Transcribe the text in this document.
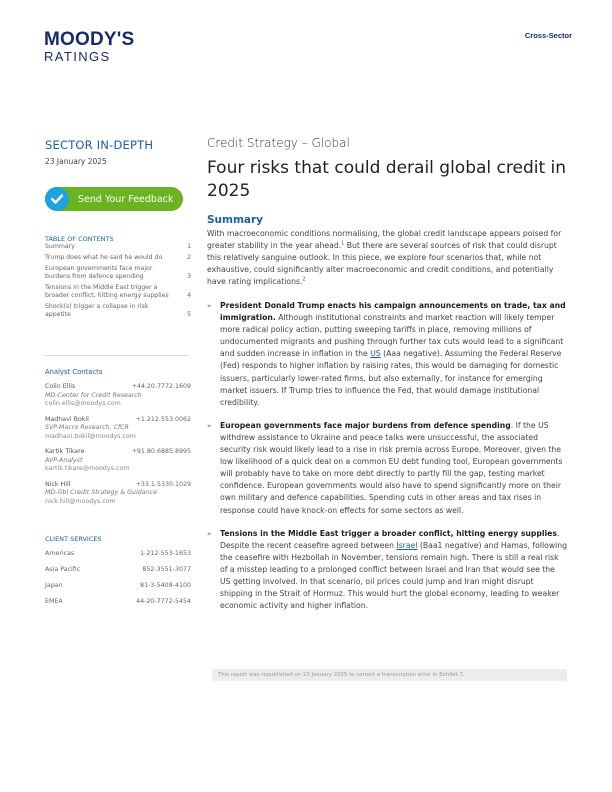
MOODY'S
RATINGS
Cross-Sector
SECTOR IN-DEPTH
23 January 2025
Send Your Feedback
TABLE OF CONTENTS
Summary	1
Trump does what he said he would do	2
European governments face major burdens from defence spending	3
Tensions in the Middle East trigger a broader conflict, hitting energy supplies	4
Shock(s) trigger a collapse in risk appetite	5
Analyst Contacts
Colin Ellis	+44.20.7772.1609
MD-Center for Credit Research
colin.ellis@moodys.com
Madhavi Bokil	+1.212.553.0062
SVP-Macro Research, CfCR
madhavi.bokil@moodys.com
Kartik Tikare	+91.80.6885.8995
AVP-Analyst
kartik.tikare@moodys.com
Nick Hill	+33.1.5330.1029
MD-Gbl Credit Strategy & Guidance
nick.hill@moodys.com
CLIENT SERVICES
Americas	1-212-553-1653
Asia Pacific	852-3551-3077
Japan	81-3-5408-4100
EMEA	44-20-7772-5454
Credit Strategy – Global
Four risks that could derail global credit in 2025
Summary
With macroeconomic conditions normalising, the global credit landscape appears poised for greater stability in the year ahead.$^1$ But there are several sources of risk that could disrupt this relatively sanguine outlook. In this piece, we explore four scenarios that, while not exhaustive, could significantly alter macroeconomic and credit conditions, and potentially have rating implications.$^2$
» President Donald Trump enacts his campaign announcements on trade, tax and immigration. Although institutional constraints and market reaction will likely temper more radical policy action, putting sweeping tariffs in place, removing millions of undocumented migrants and pushing through further tax cuts would lead to a significant and sudden increase in inflation in the US (Aaa negative). Assuming the Federal Reserve (Fed) responds to higher inflation by raising rates, this would be damaging for domestic issuers, particularly lower-rated firms, but also externally, for instance for emerging market issuers. If Trump tries to influence the Fed, that would damage institutional credibility.
» European governments face major burdens from defence spending. If the US withdrew assistance to Ukraine and peace talks were unsuccessful, the associated security risk would likely lead to a rise in risk premia across Europe. Moreover, given the low likelihood of a quick deal on a common EU debt funding tool, European governments will probably have to take on more debt directly to partly fill the gap, testing market confidence. European governments would also have to spend significantly more on their own military and defence capabilities. Spending cuts in other areas and tax rises in response could have knock-on effects for some sectors as well.
» Tensions in the Middle East trigger a broader conflict, hitting energy supplies. Despite the recent ceasefire agreed between Israel (Baa1 negative) and Hamas, following the ceasefire with Hezbollah in November, tensions remain high. There is still a real risk of a misstep leading to a prolonged conflict between Israel and Iran that would see the US getting involved. In that scenario, oil prices could jump and Iran might disrupt shipping in the Strait of Hormuz. This would hurt the global economy, leading to weaker economic activity and higher inflation.
This report was republished on 23 January 2025 to correct a transcription error in Exhibit 7.
